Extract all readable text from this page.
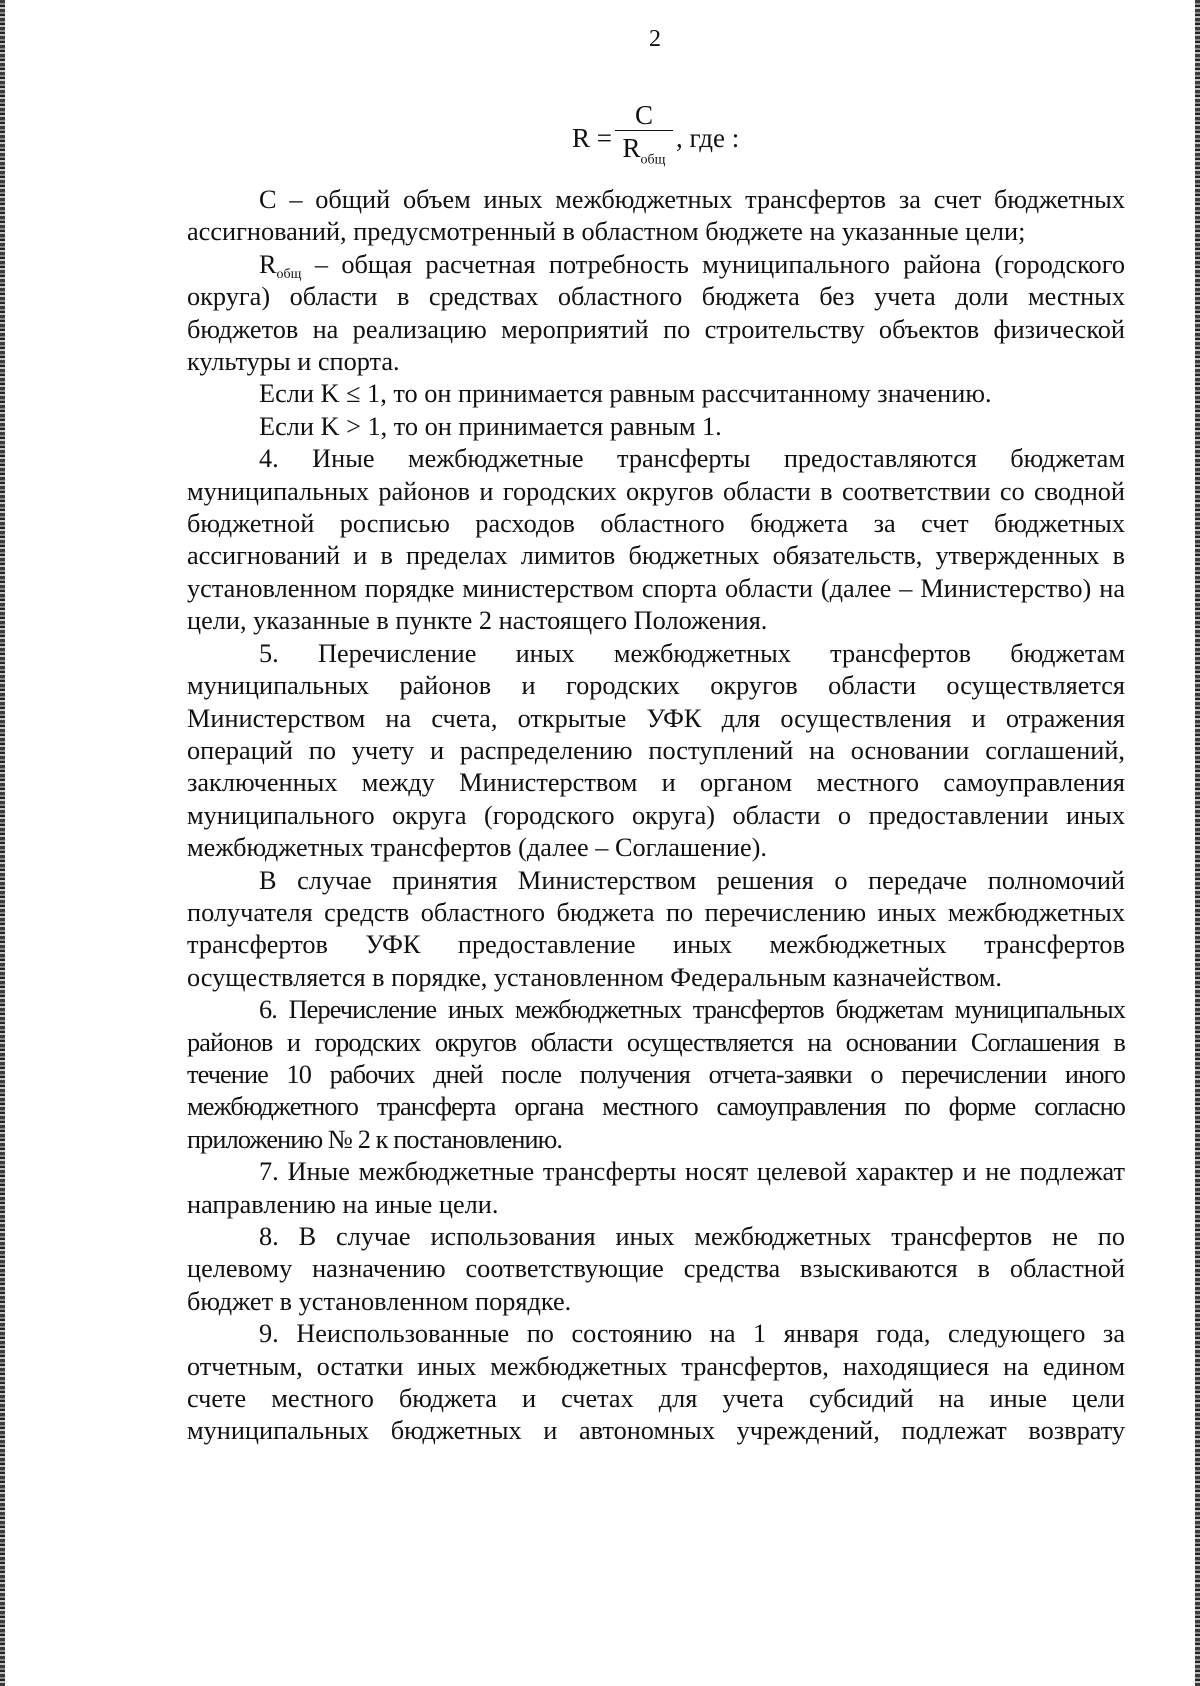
2
$R = \frac{C}{R_{общ}}$ , где :

С – общий объем иных межбюджетных трансфертов за счет бюджетных ассигнований, предусмотренный в областном бюджете на указанные цели;

$R_{общ}$ – общая расчетная потребность муниципального района (городского округа) области в средствах областного бюджета без учета доли местных бюджетов на реализацию мероприятий по строительству объектов физической культуры и спорта.

Если K ≤ 1, то он принимается равным рассчитанному значению.

Если K > 1, то он принимается равным 1.

4. Иные межбюджетные трансферты предоставляются бюджетам муниципальных районов и городских округов области в соответствии со сводной бюджетной росписью расходов областного бюджета за счет бюджетных ассигнований и в пределах лимитов бюджетных обязательств, утвержденных в установленном порядке министерством спорта области (далее – Министерство) на цели, указанные в пункте 2 настоящего Положения.

5. Перечисление иных межбюджетных трансфертов бюджетам муниципальных районов и городских округов области осуществляется Министерством на счета, открытые УФК для осуществления и отражения операций по учету и распределению поступлений на основании соглашений, заключенных между Министерством и органом местного самоуправления муниципального округа (городского округа) области о предоставлении иных межбюджетных трансфертов (далее – Соглашение).

В случае принятия Министерством решения о передаче полномочий получателя средств областного бюджета по перечислению иных межбюджетных трансфертов УФК предоставление иных межбюджетных трансфертов осуществляется в порядке, установленном Федеральным казначейством.

6. Перечисление иных межбюджетных трансфертов бюджетам муниципальных районов и городских округов области осуществляется на основании Соглашения в течение 10 рабочих дней после получения отчета-заявки о перечислении иного межбюджетного трансферта органа местного самоуправления по форме согласно приложению № 2 к постановлению.

7. Иные межбюджетные трансферты носят целевой характер и не подлежат направлению на иные цели.

8. В случае использования иных межбюджетных трансфертов не по целевому назначению соответствующие средства взыскиваются в областной бюджет в установленном порядке.

9. Неиспользованные по состоянию на 1 января года, следующего за отчетным, остатки иных межбюджетных трансфертов, находящиеся на едином счете местного бюджета и счетах для учета субсидий на иные цели муниципальных бюджетных и автономных учреждений, подлежат возврату
